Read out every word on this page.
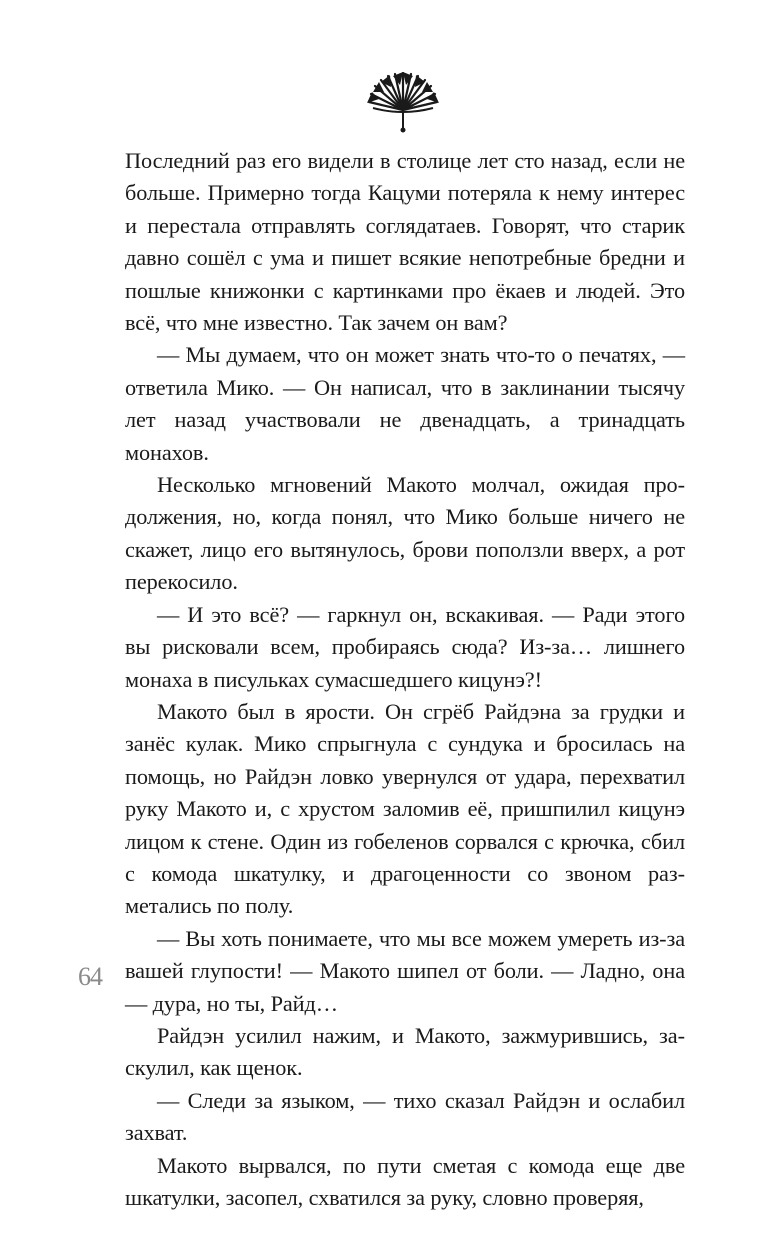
Последний раз его видели в столице лет сто назад, если не больше. Примерно тогда Кацуми потеряла к нему интерес и перестала отправлять соглядатаев. Говорят, что старик давно сошёл с ума и пишет всякие непотребные бредни и пошлые книжонки с картинками про ёкаев и людей. Это всё, что мне известно. Так зачем он вам?

— Мы думаем, что он может знать что-то о печатях, — ответила Мико. — Он написал, что в заклинании тысячу лет назад участвовали не двенадцать, а тринадцать монахов.

Несколько мгновений Макото молчал, ожидая продолжения, но, когда понял, что Мико больше ничего не скажет, лицо его вытянулось, брови поползли вверх, а рот перекосило.

— И это всё? — гаркнул он, вскакивая. — Ради этого вы рисковали всем, пробираясь сюда? Из-за… лишнего монаха в писульках сумасшедшего кицунэ?!

Макото был в ярости. Он сгрёб Райдэна за грудки и занёс кулак. Мико спрыгнула с сундука и бросилась на помощь, но Райдэн ловко увернулся от удара, перехватил руку Макото и, с хрустом заломив её, пришпилил кицунэ лицом к стене. Один из гобеленов сорвался с крючка, сбил с комода шкатулку, и драгоценности со звоном разметались по полу.

— Вы хоть понимаете, что мы все можем умереть из-за вашей глупости! — Макото шипел от боли. — Ладно, она — дура, но ты, Райд…

Райдэн усилил нажим, и Макото, зажмурившись, заскулил, как щенок.

— Следи за языком, — тихо сказал Райдэн и ослабил захват.

Макото вырвался, по пути сметая с комода еще две шкатулки, засопел, схватился за руку, словно проверяя,

64
